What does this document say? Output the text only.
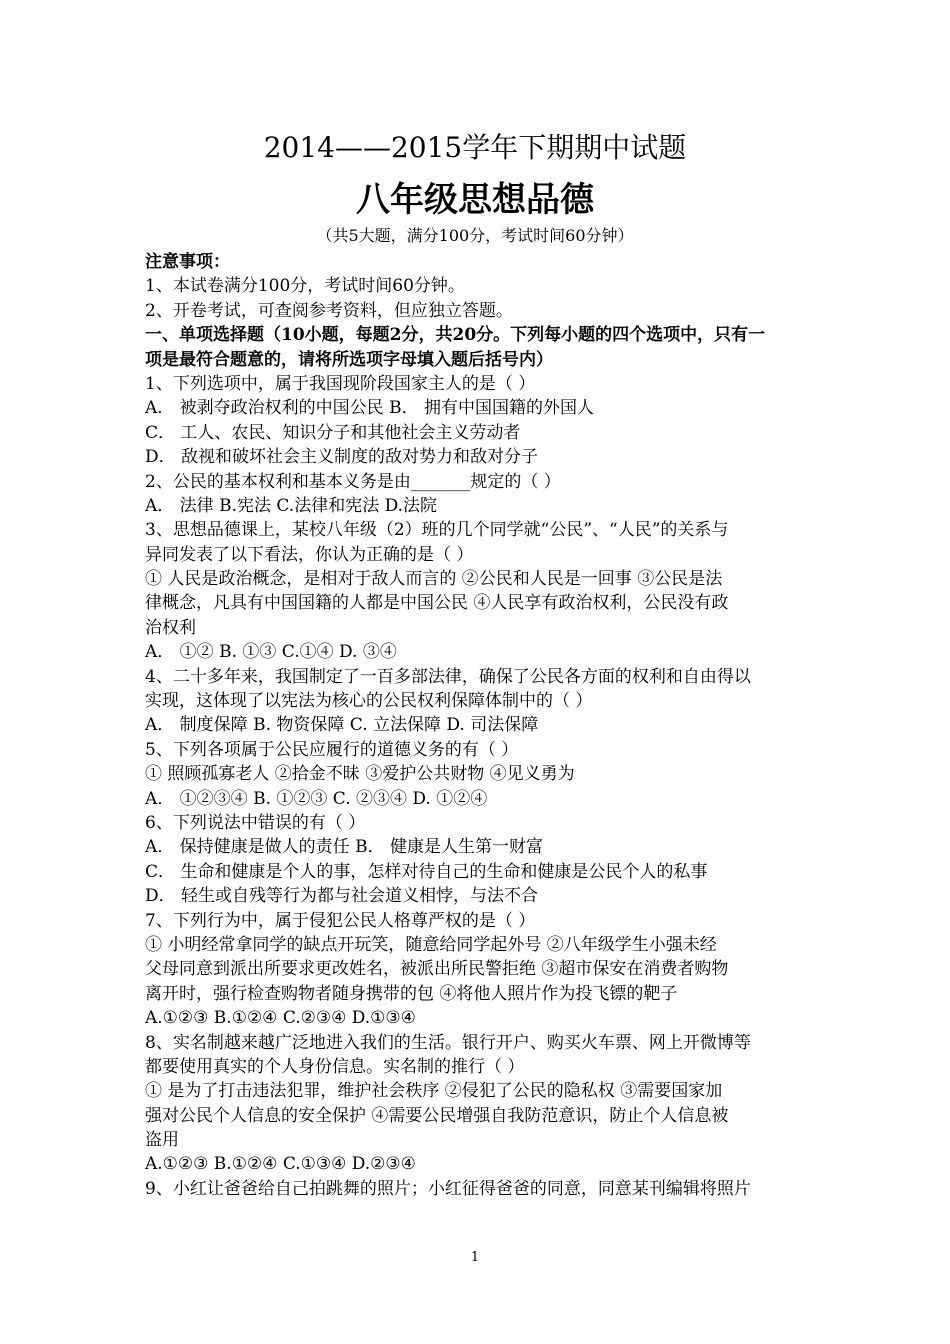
2014——2015学年下期期中试题
八年级思想品德
（共5大题，满分100分，考试时间60分钟）
注意事项：
1、本试卷满分100分，考试时间60分钟。
2、开卷考试，可查阅参考资料，但应独立答题。
一、单项选择题（10小题，每题2分，共20分。下列每小题的四个选项中，只有一
项是最符合题意的，请将所选项字母填入题后括号内）
1、下列选项中，属于我国现阶段国家主人的是（ ）
A． 被剥夺政治权利的中国公民 B． 拥有中国国籍的外国人
C． 工人、农民、知识分子和其他社会主义劳动者
D． 敌视和破坏社会主义制度的敌对势力和敌对分子
2、公民的基本权利和基本义务是由_______规定的（ ）
A． 法律 B.宪法 C.法律和宪法 D.法院
3、思想品德课上，某校八年级（2）班的几个同学就“公民”、“人民”的关系与
异同发表了以下看法，你认为正确的是（ ）
① 人民是政治概念，是相对于敌人而言的 ②公民和人民是一回事 ③公民是法
律概念，凡具有中国国籍的人都是中国公民 ④人民享有政治权利，公民没有政
治权利
A． ①② B. ①③ C.①④ D. ③④
4、二十多年来，我国制定了一百多部法律，确保了公民各方面的权利和自由得以
实现，这体现了以宪法为核心的公民权利保障体制中的（ ）
A． 制度保障 B. 物资保障 C. 立法保障 D. 司法保障
5、下列各项属于公民应履行的道德义务的有（ ）
① 照顾孤寡老人 ②拾金不昧 ③爱护公共财物 ④见义勇为
A． ①②③④ B. ①②③ C. ②③④ D. ①②④
6、下列说法中错误的有（ ）
A． 保持健康是做人的责任 B． 健康是人生第一财富
C． 生命和健康是个人的事，怎样对待自己的生命和健康是公民个人的私事
D． 轻生或自残等行为都与社会道义相悖，与法不合
7、下列行为中，属于侵犯公民人格尊严权的是（ ）
① 小明经常拿同学的缺点开玩笑，随意给同学起外号 ②八年级学生小强未经
父母同意到派出所要求更改姓名，被派出所民警拒绝 ③超市保安在消费者购物
离开时，强行检查购物者随身携带的包 ④将他人照片作为投飞镖的靶子
A.①②③ B.①②④ C.②③④ D.①③④
8、实名制越来越广泛地进入我们的生活。银行开户、购买火车票、网上开微博等
都要使用真实的个人身份信息。实名制的推行（ ）
① 是为了打击违法犯罪，维护社会秩序 ②侵犯了公民的隐私权 ③需要国家加
强对公民个人信息的安全保护 ④需要公民增强自我防范意识，防止个人信息被
盗用
A.①②③ B.①②④ C.①③④ D.②③④
9、小红让爸爸给自己拍跳舞的照片；小红征得爸爸的同意，同意某刊编辑将照片
1
